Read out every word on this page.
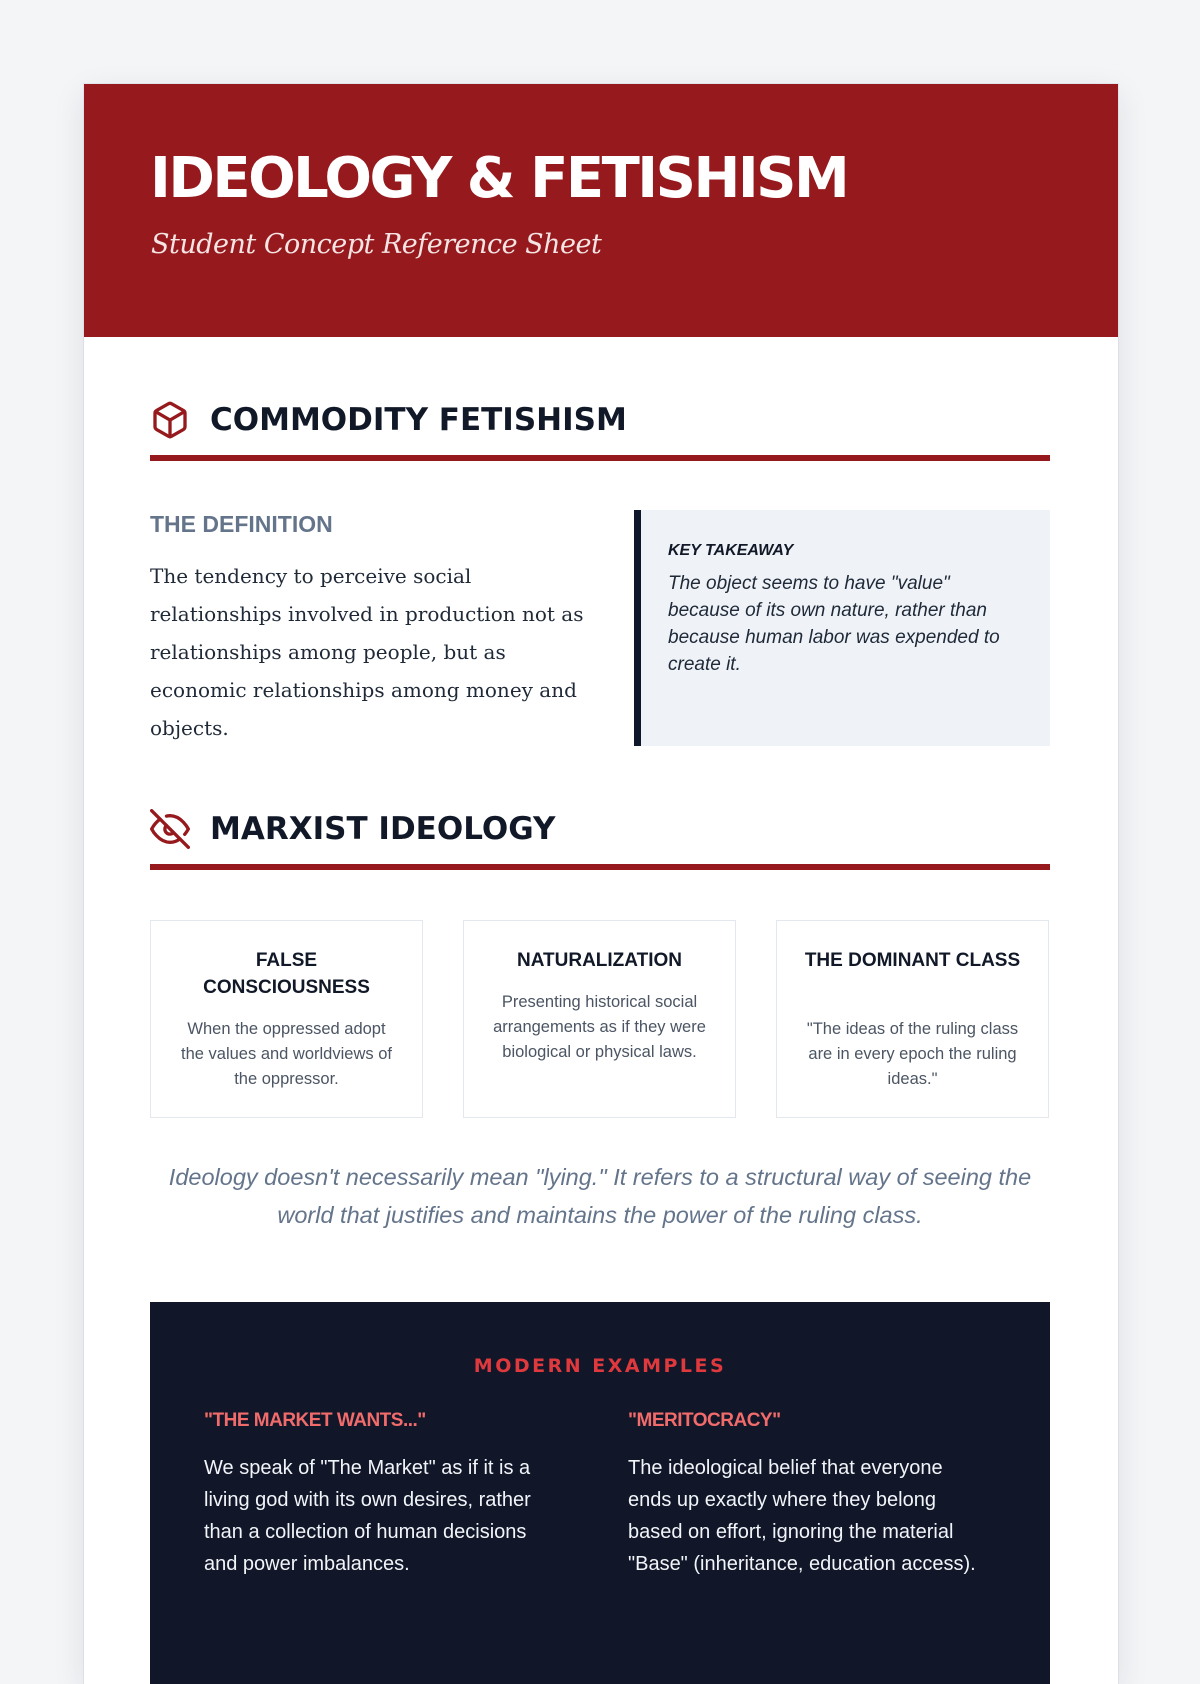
IDEOLOGY & FETISHISM

Student Concept Reference Sheet

COMMODITY FETISHISM
THE DEFINITION

The tendency to perceive social relationships involved in production not as relationships among people, but as economic relationships among money and objects.

KEY TAKEAWAY

The object seems to have "value" because of its own nature, rather than because human labor was expended to create it.

MARXIST IDEOLOGY
FALSE CONSCIOUSNESS

When the oppressed adopt the values and worldviews of the oppressor.

NATURALIZATION

Presenting historical social arrangements as if they were biological or physical laws.

THE DOMINANT CLASS

"The ideas of the ruling class are in every epoch the ruling ideas."

Ideology doesn't necessarily mean "lying." It refers to a structural way of seeing the world that justifies and maintains the power of the ruling class.

MODERN EXAMPLES
"THE MARKET WANTS..."

We speak of "The Market" as if it is a living god with its own desires, rather than a collection of human decisions and power imbalances.

"MERITOCRACY"

The ideological belief that everyone ends up exactly where they belong based on effort, ignoring the material "Base" (inheritance, education access).
